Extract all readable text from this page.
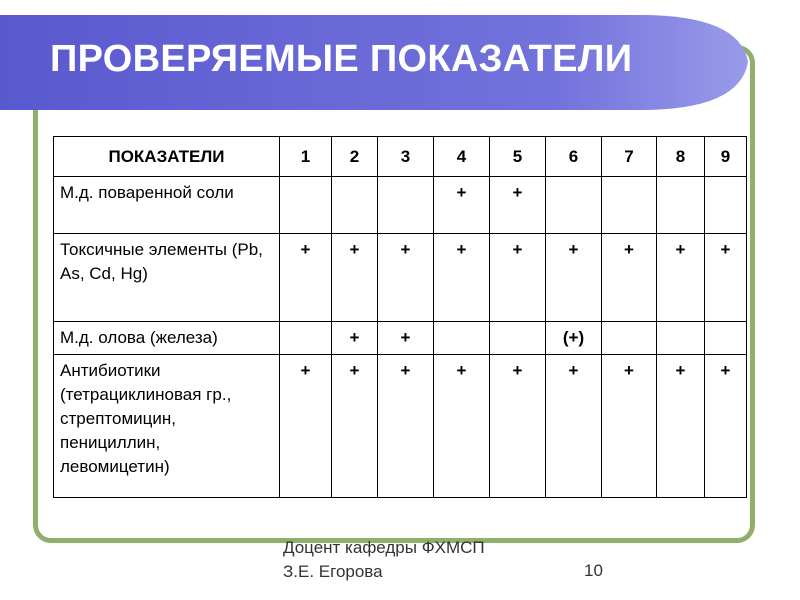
ПРОВЕРЯЕМЫЕ ПОКАЗАТЕЛИ
ПОКАЗАТЕЛИ	1	2	3	4	5	6	7	8	9
М.д. поваренной соли				+	+				
Токсичные элементы (Pb, As, Cd, Hg)	+	+	+	+	+	+	+	+	+
М.д. олова (железа)		+	+			(+)			
Антибиотики (тетрациклиновая гр., стрептомицин, пенициллин, левомицетин)	+	+	+	+	+	+	+	+	+
Доцент кафедры ФХМСП
З.Е. Егорова	10
